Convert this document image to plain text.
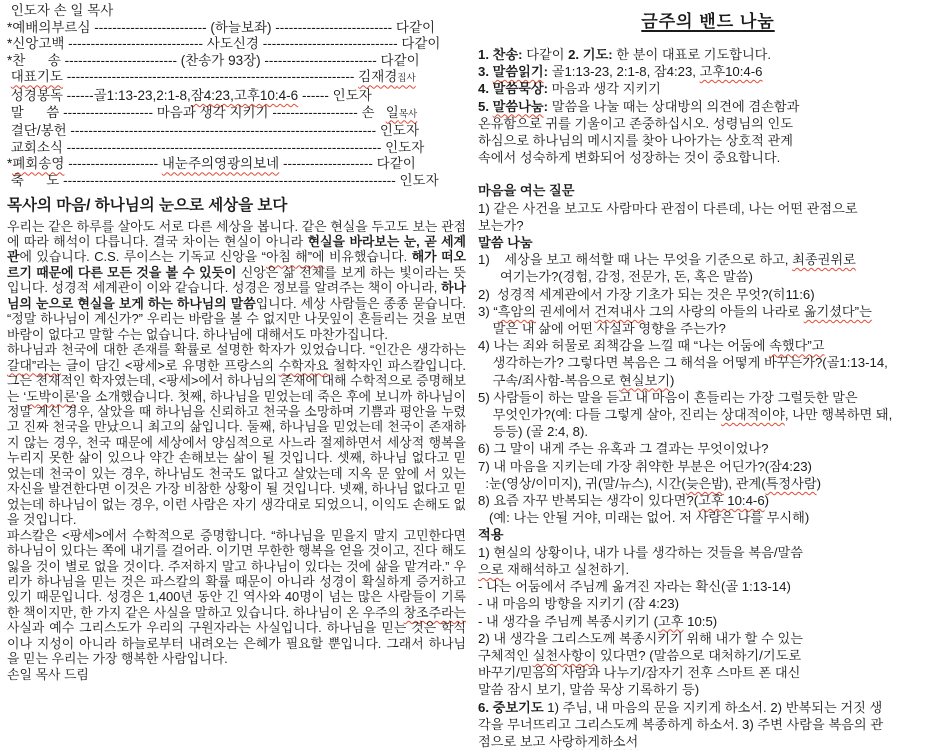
인도자 손 일 목사
*예배의부르심 ------------------------- (하늘보좌) -------------------------- 다같이
*신앙고백 ------------------------------ 사도신경 ------------------------------ 다같이
*찬      송 ------------------------- (찬송가 93장) ------------------------- 다같이
대표기도 ---------------------------------------------------------------- 김재경집사
성경봉독 ------골1:13-23,2:1-8,잠4:23,고후10:4-6 ------ 인도자
말      씀 -------------------- 마음과 생각 지키기 ------------------- 손   일목사
결단/봉헌 -------------------------------------------------------------------- 인도자
교회소식 ---------------------------------------------------------------------- 인도자
*폐회송영 -------------------- 내눈주의영광의보네 -------------------- 다같이
축      도 -------------------------------------------------------------------------- 인도자
목사의 마음/ 하나님의 눈으로 세상을 보다
우리는 같은 하루를 살아도 서로 다른 세상을 봅니다. 같은 현실을 두고도 보는 관점에 따라 해석이 다릅니다. 결국 차이는 현실이 아니라 현실을 바라보는 눈, 곧 세계관에 있습니다. C.S. 루이스는 기독교 신앙을 “아침 해”에 비유했습니다. 해가 떠오르기 때문에 다른 모든 것을 볼 수 있듯이 신앙은 삶 전체를 보게 하는 빛이라는 뜻입니다. 성경적 세계관이 이와 같습니다. 성경은 정보를 알려주는 책이 아니라, 하나님의 눈으로 현실을 보게 하는 하나님의 말씀입니다. 세상 사람들은 종종 묻습니다. “정말 하나님이 계신가?” 우리는 바람을 볼 수 없지만 나뭇잎이 흔들리는 것을 보면 바람이 없다고 말할 수는 없습니다. 하나님에 대해서도 마찬가집니다.
하나님과 천국에 대한 존재를 확률로 설명한 학자가 있었습니다. “인간은 생각하는 갈대”라는 글이 담긴 <팡세>로 유명한 프랑스의 수학자요 철학자인 파스칼입니다. 그는 천재적인 학자였는데, <팡세>에서 하나님의 존재에 대해 수학적으로 증명해보는 ‘도박이론’을 소개했습니다. 첫째, 하나님을 믿었는데 죽은 후에 보니까 하나님이 정말 계신 경우, 살았을 때 하나님을 신뢰하고 천국을 소망하며 기쁨과 평안을 누렸고 진짜 천국을 만났으니 최고의 삶입니다. 둘째, 하나님을 믿었는데 천국이 존재하지 않는 경우, 천국 때문에 세상에서 양심적으로 사느라 절제하면서 세상적 행복을 누리지 못한 삶이 있으나 약간 손해보는 삶이 될 것입니다. 셋째, 하나님 없다고 믿었는데 천국이 있는 경우, 하나님도 천국도 없다고 살았는데 지옥 문 앞에 서 있는 자신을 발견한다면 이것은 가장 비참한 상황이 될 것입니다. 넷째, 하나님 없다고 믿었는데 하나님이 없는 경우, 이런 사람은 자기 생각대로 되었으니, 이익도 손해도 없을 것입니다.
파스칼은 <팡세>에서 수학적으로 증명합니다. “하나님을 믿을지 말지 고민한다면 하나님이 있다는 쪽에 내기를 걸어라. 이기면 무한한 행복을 얻을 것이고, 진다 해도 잃을 것이 별로 없을 것이다. 주저하지 말고 하나님이 있다는 것에 삶을 맡겨라.” 우리가 하나님을 믿는 것은 파스칼의 확률 때문이 아니라 성경이 확실하게 증거하고 있기 때문입니다. 성경은 1,400년 동안 긴 역사와 40명이 넘는 많은 사람들이 기록한 책이지만, 한 가지 같은 사실을 말하고 있습니다. 하나님이 온 우주의 창조주라는 사실과 예수 그리스도가 우리의 구원자라는 사실입니다. 하나님을 믿는 것은 학식이나 지성이 아니라 하늘로부터 내려오는 은혜가 필요할 뿐입니다. 그래서 하나님을 믿는 우리는 가장 행복한 사람입니다.
손일 목사 드림
금주의 밴드 나눔
1. 찬송: 다같이 2. 기도: 한 분이 대표로 기도합니다.
3. 말씀읽기: 골1:13-23, 2:1-8, 잠4:23, 고후10:4-6
4. 말씀묵상: 마음과 생각 지키기
5. 말씀나눔: 말씀을 나눌 때는 상대방의 의견에 겸손함과
온유함으로 귀를 기울이고 존중하십시오. 성령님의 인도
하심으로 하나님의 메시지를 찾아 나아가는 상호적 관계
속에서 성숙하게 변화되어 성장하는 것이 중요합니다.
마음을 여는 질문
1) 같은 사건을 보고도 사람마다 관점이 다른데, 나는 어떤 관점으로
보는가?
말씀 나눔
1)    세상을 보고 해석할 때 나는 무엇을 기준으로 하고, 최종권위로
여기는가?(경험, 감정, 전문가, 돈, 혹은 말씀)
2)  성경적 세계관에서 가장 기초가 되는 것은 무엇?(히11:6)
3) “흑암의 권세에서 건져내사 그의 사랑의 아들의 나라로 옮기셨다”는
말은 내 삶에 어떤 사실과 영향을 주는가?
4) 나는 죄와 허물로 죄책감을 느낄 때 “나는 어둠에 속했다”고
생각하는가? 그렇다면 복음은 그 해석을 어떻게 바꾸는가?(골1:13-14,
구속/죄사함-복음으로 현실보기)
5) 사람들이 하는 말을 듣고 내 마음이 흔들리는 가장 그럴듯한 말은
무엇인가?(예: 다들 그렇게 살아, 진리는 상대적이야, 나만 행복하면 돼,
등등) (골 2:4, 8).
6) 그 말이 내게 주는 유혹과 그 결과는 무엇이었나?
7) 내 마음을 지키는데 가장 취약한 부분은 어딘가?(잠4:23)
:눈(영상/이미지), 귀(말/뉴스), 시간(늦은밤), 관계(특정사람)
8) 요즘 자꾸 반복되는 생각이 있다면?(고후 10:4-6)
(예: 나는 안될 거야, 미래는 없어. 저 사람은 나를 무시해)
적용
1) 현실의 상황이나, 내가 나를 생각하는 것들을 복음/말씀
으로 재해석하고 실천하기.
- 나는 어둠에서 주님께 옮겨진 자라는 확신(골 1:13-14)
- 내 마음의 방향을 지키기 (잠 4:23)
- 내 생각을 주님께 복종시키기 (고후 10:5)
2) 내 생각을 그리스도께 복종시키기 위해 내가 할 수 있는
구체적인 실천사항이 있다면? (말씀으로 대처하기/기도로
바꾸기/믿음의 사람과 나누기/잠자기 전후 스마트 폰 대신
말씀 잠시 보기, 말씀 묵상 기록하기 등)
6. 중보기도 1) 주님, 내 마음의 문을 지키게 하소서. 2) 반복되는 거짓 생
각을 무너뜨리고 그리스도께 복종하게 하소서. 3) 주변 사람을 복음의 관
점으로 보고 사랑하게하소서
